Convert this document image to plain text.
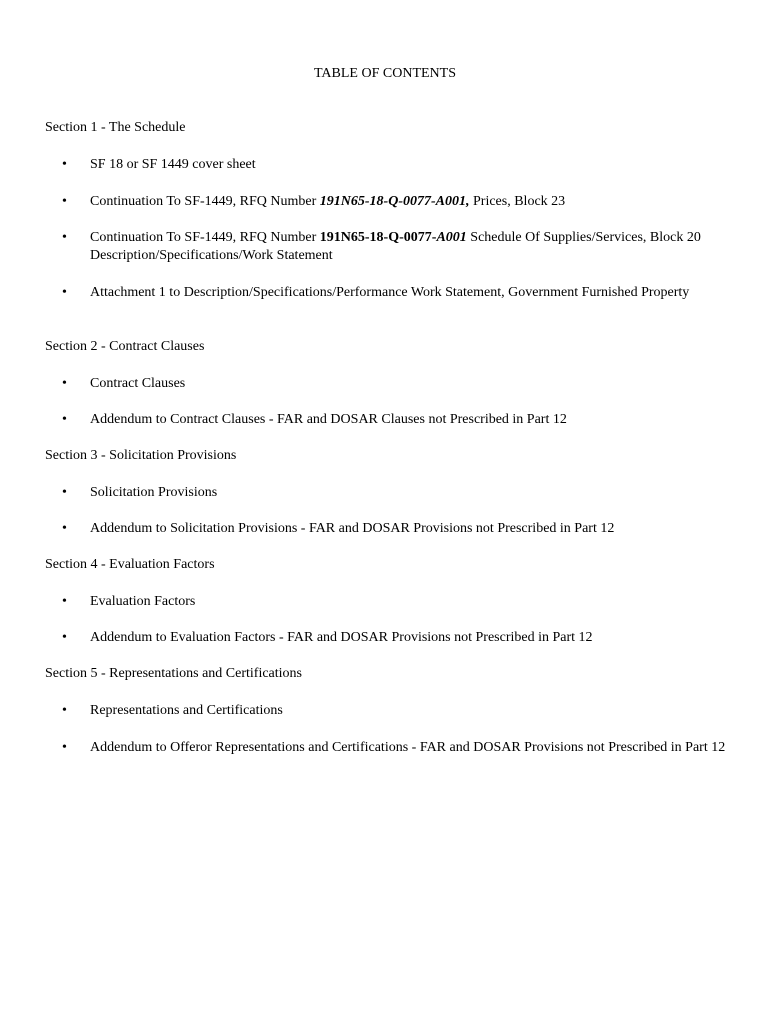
TABLE OF CONTENTS
Section 1 - The Schedule
•	SF 18 or SF 1449 cover sheet
•	Continuation To SF-1449, RFQ Number 191N65-18-Q-0077-A001, Prices, Block 23
•	Continuation To SF-1449, RFQ Number 191N65-18-Q-0077-A001 Schedule Of Supplies/Services, Block 20 Description/Specifications/Work Statement
•	Attachment 1 to Description/Specifications/Performance Work Statement, Government Furnished Property
Section 2 - Contract Clauses
•	Contract Clauses
•	Addendum to Contract Clauses - FAR and DOSAR Clauses not Prescribed in Part 12
Section 3 - Solicitation Provisions
•	Solicitation Provisions
•	Addendum to Solicitation Provisions - FAR and DOSAR Provisions not Prescribed in Part 12
Section 4 - Evaluation Factors
•	Evaluation Factors
•	Addendum to Evaluation Factors - FAR and DOSAR Provisions not Prescribed in Part 12
Section 5 - Representations and Certifications
•	Representations and Certifications
•	Addendum to Offeror Representations and Certifications - FAR and DOSAR Provisions not Prescribed in Part 12
